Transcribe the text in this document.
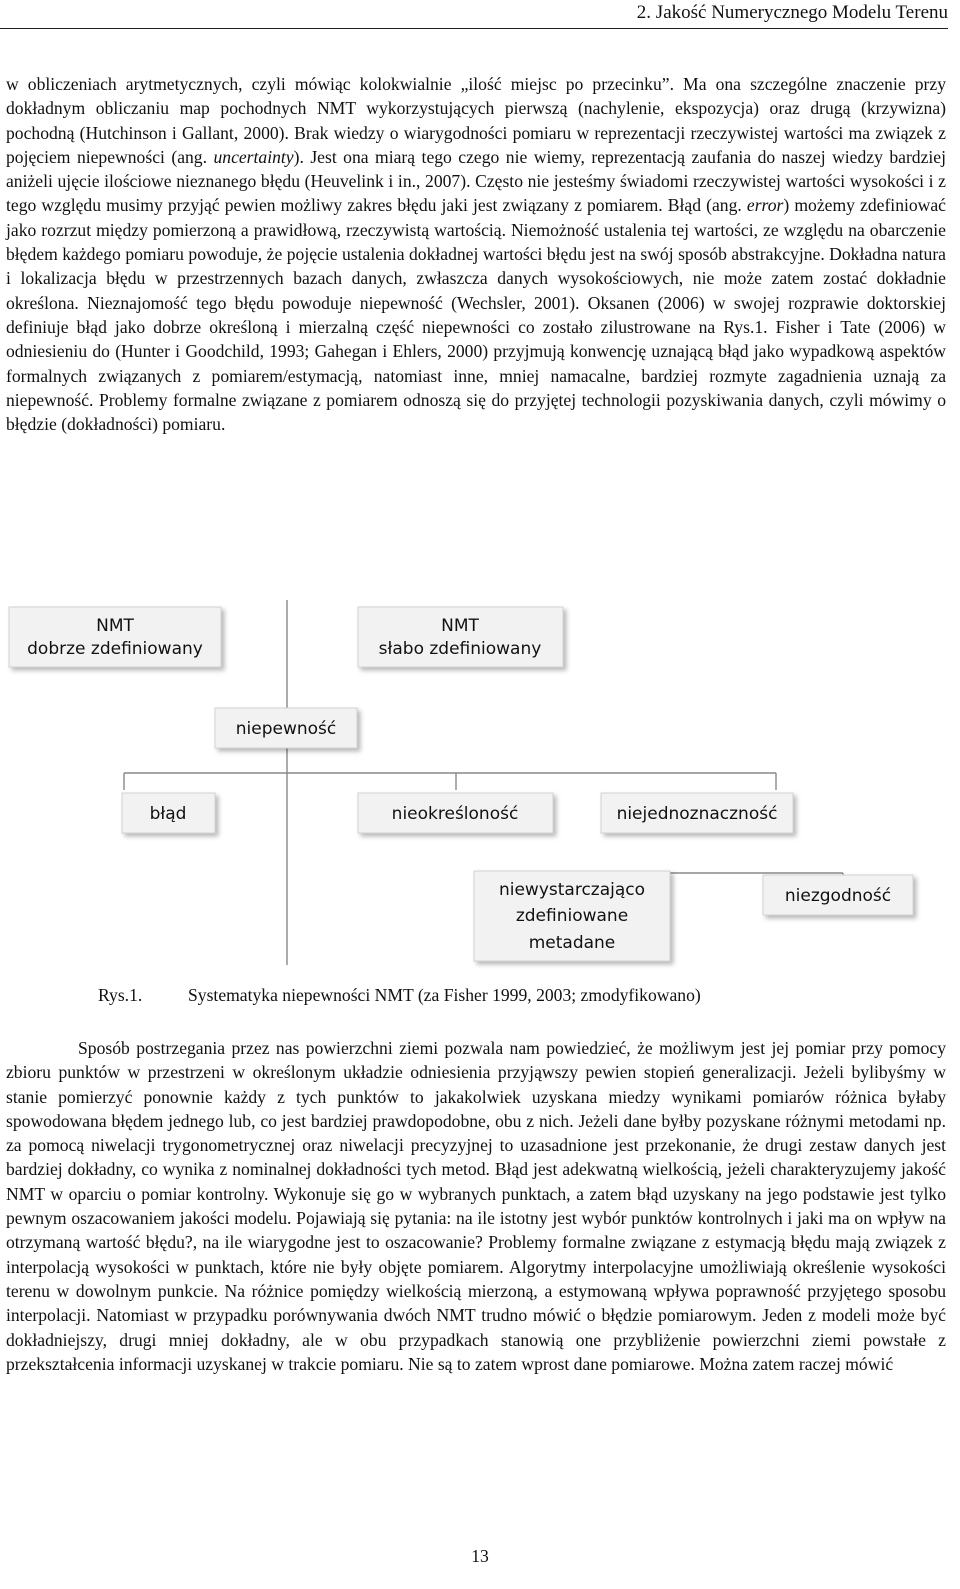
2. Jakość Numerycznego Modelu Terenu

w obliczeniach arytmetycznych, czyli mówiąc kolokwialnie „ilość miejsc po przecinku”. Ma ona szczególne znaczenie przy dokładnym obliczaniu map pochodnych NMT wykorzystujących pierwszą (nachylenie, ekspozycja) oraz drugą (krzywizna) pochodną (Hutchinson i Gallant, 2000). Brak wiedzy o wiarygodności pomiaru w reprezentacji rzeczywistej wartości ma związek z pojęciem niepewności (ang. uncertainty). Jest ona miarą tego czego nie wiemy, reprezentacją zaufania do naszej wiedzy bardziej aniżeli ujęcie ilościowe nieznanego błędu (Heuvelink i in., 2007). Często nie jesteśmy świadomi rzeczywistej wartości wysokości i z tego względu musimy przyjąć pewien możliwy zakres błędu jaki jest związany z pomiarem. Błąd (ang. error) możemy zdefiniować jako rozrzut między pomierzoną a prawidłową, rzeczywistą wartością. Niemożność ustalenia tej wartości, ze względu na obarczenie błędem każdego pomiaru powoduje, że pojęcie ustalenia dokładnej wartości błędu jest na swój sposób abstrakcyjne. Dokładna natura i lokalizacja błędu w przestrzennych bazach danych, zwłaszcza danych wysokościowych, nie może zatem zostać dokładnie określona. Nieznajomość tego błędu powoduje niepewność (Wechsler, 2001). Oksanen (2006) w swojej rozprawie doktorskiej definiuje błąd jako dobrze określoną i mierzalną część niepewności co zostało zilustrowane na Rys.1. Fisher i Tate (2006) w odniesieniu do (Hunter i Goodchild, 1993; Gahegan i Ehlers, 2000) przyjmują konwencję uznającą błąd jako wypadkową aspektów formalnych związanych z pomiarem/estymacją, natomiast inne, mniej namacalne, bardziej rozmyte zagadnienia uznają za niepewność. Problemy formalne związane z pomiarem odnoszą się do przyjętej technologii pozyskiwania danych, czyli mówimy o błędzie (dokładności) pomiaru.

NMT
dobrze zdefiniowany
NMT
słabo zdefiniowany
niepewność
błąd	nieokreśloność	niejednoznaczność
niewystarczająco
zdefiniowane
metadane
niezgodność
Rys.1.	Systematyka niepewności NMT (za Fisher 1999, 2003; zmodyfikowano)

Sposób postrzegania przez nas powierzchni ziemi pozwala nam powiedzieć, że możliwym jest jej pomiar przy pomocy zbioru punktów w przestrzeni w określonym układzie odniesienia przyjąwszy pewien stopień generalizacji. Jeżeli bylibyśmy w stanie pomierzyć ponownie każdy z tych punktów to jakakolwiek uzyskana miedzy wynikami pomiarów różnica byłaby spowodowana błędem jednego lub, co jest bardziej prawdopodobne, obu z nich. Jeżeli dane byłby pozyskane różnymi metodami np. za pomocą niwelacji trygonometrycznej oraz niwelacji precyzyjnej to uzasadnione jest przekonanie, że drugi zestaw danych jest bardziej dokładny, co wynika z nominalnej dokładności tych metod. Błąd jest adekwatną wielkością, jeżeli charakteryzujemy jakość NMT w oparciu o pomiar kontrolny. Wykonuje się go w wybranych punktach, a zatem błąd uzyskany na jego podstawie jest tylko pewnym oszacowaniem jakości modelu. Pojawiają się pytania: na ile istotny jest wybór punktów kontrolnych i jaki ma on wpływ na otrzymaną wartość błędu?, na ile wiarygodne jest to oszacowanie? Problemy formalne związane z estymacją błędu mają związek z interpolacją wysokości w punktach, które nie były objęte pomiarem. Algorytmy interpolacyjne umożliwiają określenie wysokości terenu w dowolnym punkcie. Na różnice pomiędzy wielkością mierzoną, a estymowaną wpływa poprawność przyjętego sposobu interpolacji. Natomiast w przypadku porównywania dwóch NMT trudno mówić o błędzie pomiarowym. Jeden z modeli może być dokładniejszy, drugi mniej dokładny, ale w obu przypadkach stanowią one przybliżenie powierzchni ziemi powstałe z przekształcenia informacji uzyskanej w trakcie pomiaru. Nie są to zatem wprost dane pomiarowe. Można zatem raczej mówić

13
